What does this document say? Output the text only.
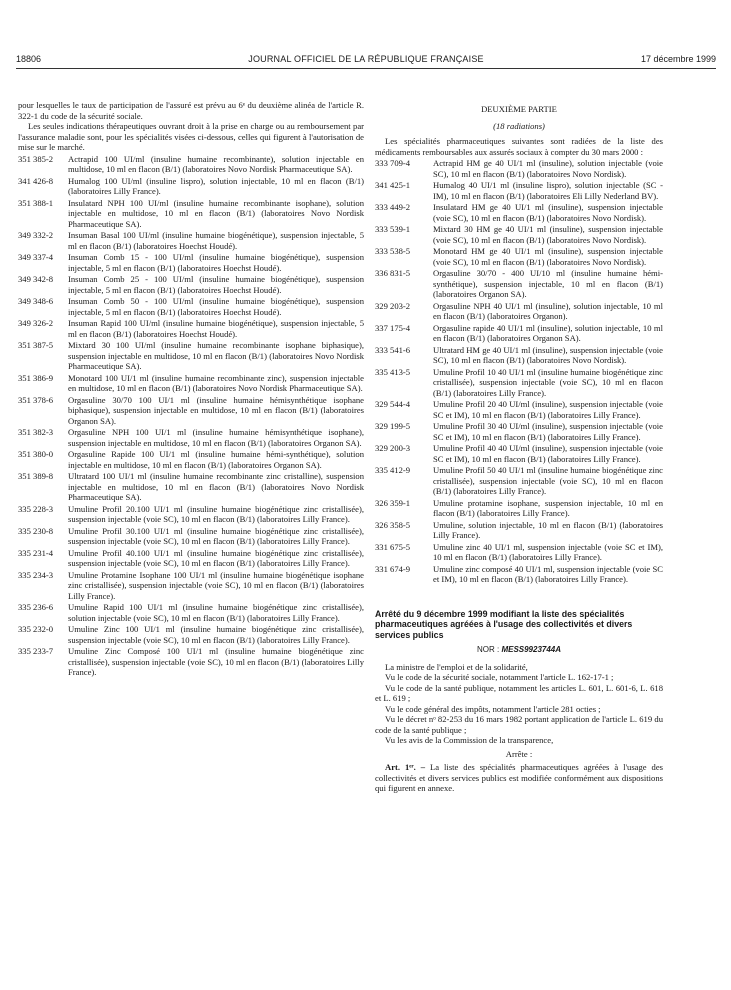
18806	JOURNAL OFFICIEL DE LA RÉPUBLIQUE FRANÇAISE	17 décembre 1999

pour lesquelles le taux de participation de l'assuré est prévu au 6ᵉ du deuxième alinéa de l'article R. 322-1 du code de la sécurité sociale.

Les seules indications thérapeutiques ouvrant droit à la prise en charge ou au remboursement par l'assurance maladie sont, pour les spécialités visées ci-dessous, celles qui figurent à l'autorisation de mise sur le marché.

351 385-2	Actrapid 100 UI/ml (insuline humaine recombinante), solution injectable en multidose, 10 ml en flacon (B/1) (laboratoires Novo Nordisk Pharmaceutique SA).
341 426-8	Humalog 100 UI/ml (insuline lispro), solution injectable, 10 ml en flacon (B/1) (laboratoires Lilly France).
351 388-1	Insulatard NPH 100 UI/ml (insuline humaine recombinante isophane), solution injectable en multidose, 10 ml en flacon (B/1) (laboratoires Novo Nordisk Pharmaceutique SA).
349 332-2	Insuman Basal 100 UI/ml (insuline humaine biogénétique), suspension injectable, 5 ml en flacon (B/1) (laboratoires Hoechst Houdé).
349 337-4	Insuman Comb 15 - 100 UI/ml (insuline humaine biogénétique), suspension injectable, 5 ml en flacon (B/1) (laboratoires Hoechst Houdé).
349 342-8	Insuman Comb 25 - 100 UI/ml (insuline humaine biogénétique), suspension injectable, 5 ml en flacon (B/1) (laboratoires Hoechst Houdé).
349 348-6	Insuman Comb 50 - 100 UI/ml (insuline humaine biogénétique), suspension injectable, 5 ml en flacon (B/1) (laboratoires Hoechst Houdé).
349 326-2	Insuman Rapid 100 UI/ml (insuline humaine biogénétique), suspension injectable, 5 ml en flacon (B/1) (laboratoires Hoechst Houdé).
351 387-5	Mixtard 30 100 UI/ml (insuline humaine recombinante isophane biphasique), suspension injectable en multidose, 10 ml en flacon (B/1) (laboratoires Novo Nordisk Pharmaceutique SA).
351 386-9	Monotard 100 UI/1 ml (insuline humaine recombinante zinc), suspension injectable en multidose, 10 ml en flacon (B/1) (laboratoires Novo Nordisk Pharmaceutique SA).
351 378-6	Orgasuline 30/70 100 UI/1 ml (insuline humaine hémisynthétique isophane biphasique), suspension injectable en multidose, 10 ml en flacon (B/1) (laboratoires Organon SA).
351 382-3	Orgasuline NPH 100 UI/1 ml (insuline humaine hémisynthétique isophane), suspension injectable en multidose, 10 ml en flacon (B/1) (laboratoires Organon SA).
351 380-0	Orgasuline Rapide 100 UI/1 ml (insuline humaine hémi-synthétique), solution injectable en multidose, 10 ml en flacon (B/1) (laboratoires Organon SA).
351 389-8	Ultratard 100 UI/1 ml (insuline humaine recombinante zinc cristalline), suspension injectable en multidose, 10 ml en flacon (B/1) (laboratoires Novo Nordisk Pharmaceutique SA).
335 228-3	Umuline Profil 20.100 UI/1 ml (insuline humaine biogénétique zinc cristallisée), suspension injectable (voie SC), 10 ml en flacon (B/1) (laboratoires Lilly France).
335 230-8	Umuline Profil 30.100 UI/1 ml (insuline humaine biogénétique zinc cristallisée), suspension injectable (voie SC), 10 ml en flacon (B/1) (laboratoires Lilly France).
335 231-4	Umuline Profil 40.100 UI/1 ml (insuline humaine biogénétique zinc cristallisée), suspension injectable (voie SC), 10 ml en flacon (B/1) (laboratoires Lilly France).
335 234-3	Umuline Protamine Isophane 100 UI/1 ml (insuline humaine biogénétique isophane zinc cristallisée), suspension injectable (voie SC), 10 ml en flacon (B/1) (laboratoires Lilly France).
335 236-6	Umuline Rapid 100 UI/1 ml (insuline humaine biogénétique zinc cristallisée), solution injectable (voie SC), 10 ml en flacon (B/1) (laboratoires Lilly France).
335 232-0	Umuline Zinc 100 UI/1 ml (insuline humaine biogénétique zinc cristallisée), suspension injectable (voie SC), 10 ml en flacon (B/1) (laboratoires Lilly France).
335 233-7	Umuline Zinc Composé 100 UI/1 ml (insuline humaine biogénétique zinc cristallisée), suspension injectable (voie SC), 10 ml en flacon (B/1) (laboratoires Lilly France).

DEUXIÈME PARTIE

(18 radiations)

Les spécialités pharmaceutiques suivantes sont radiées de la liste des médicaments remboursables aux assurés sociaux à compter du 30 mars 2000 :

333 709-4	Actrapid HM ge 40 UI/1 ml (insuline), solution injectable (voie SC), 10 ml en flacon (B/1) (laboratoires Novo Nordisk).
341 425-1	Humalog 40 UI/1 ml (insuline lispro), solution injectable (SC - IM), 10 ml en flacon (B/1) (laboratoires Eli Lilly Nederland BV).
333 449-2	Insulatard HM ge 40 UI/1 ml (insuline), suspension injectable (voie SC), 10 ml en flacon (B/1) (laboratoires Novo Nordisk).
333 539-1	Mixtard 30 HM ge 40 UI/1 ml (insuline), suspension injectable (voie SC), 10 ml en flacon (B/1) (laboratoires Novo Nordisk).
333 538-5	Monotard HM ge 40 UI/1 ml (insuline), suspension injectable (voie SC), 10 ml en flacon (B/1) (laboratoires Novo Nordisk).
336 831-5	Orgasuline 30/70 - 400 UI/10 ml (insuline humaine hémi-synthétique), suspension injectable, 10 ml en flacon (B/1) (laboratoires Organon SA).
329 203-2	Orgasuline NPH 40 UI/1 ml (insuline), solution injectable, 10 ml en flacon (B/1) (laboratoires Organon).
337 175-4	Orgasuline rapide 40 UI/1 ml (insuline), solution injectable, 10 ml en flacon (B/1) (laboratoires Organon SA).
333 541-6	Ultratard HM ge 40 UI/1 ml (insuline), suspension injectable (voie SC), 10 ml en flacon (B/1) (laboratoires Novo Nordisk).
335 413-5	Umuline Profil 10 40 UI/1 ml (insuline humaine biogénétique zinc cristallisée), suspension injectable (voie SC), 10 ml en flacon (B/1) (laboratoires Lilly France).
329 544-4	Umuline Profil 20 40 UI/ml (insuline), suspension injectable (voie SC et IM), 10 ml en flacon (B/1) (laboratoires Lilly France).
329 199-5	Umuline Profil 30 40 UI/ml (insuline), suspension injectable (voie SC et IM), 10 ml en flacon (B/1) (laboratoires Lilly France).
329 200-3	Umuline Profil 40 40 UI/ml (insuline), suspension injectable (voie SC et IM), 10 ml en flacon (B/1) (laboratoires Lilly France).
335 412-9	Umuline Profil 50 40 UI/1 ml (insuline humaine biogénétique zinc cristallisée), suspension injectable (voie SC), 10 ml en flacon (B/1) (laboratoires Lilly France).
326 359-1	Umuline protamine isophane, suspension injectable, 10 ml en flacon (B/1) (laboratoires Lilly France).
326 358-5	Umuline, solution injectable, 10 ml en flacon (B/1) (laboratoires Lilly France).
331 675-5	Umuline zinc 40 UI/1 ml, suspension injectable (voie SC et IM), 10 ml en flacon (B/1) (laboratoires Lilly France).
331 674-9	Umuline zinc composé 40 UI/1 ml, suspension injectable (voie SC et IM), 10 ml en flacon (B/1) (laboratoires Lilly France).

Arrêté du 9 décembre 1999 modifiant la liste des spécialités pharmaceutiques agréées à l'usage des collectivités et divers services publics

NOR : MESS9923744A

La ministre de l'emploi et de la solidarité,

Vu le code de la sécurité sociale, notamment l'article L. 162-17-1 ;

Vu le code de la santé publique, notamment les articles L. 601, L. 601-6, L. 618 et L. 619 ;

Vu le code général des impôts, notamment l'article 281 octies ;

Vu le décret nᵒ 82-253 du 16 mars 1982 portant application de l'article L. 619 du code de la santé publique ;

Vu les avis de la Commission de la transparence,

Arrête :

Art. 1ᵉʳ. – La liste des spécialités pharmaceutiques agréées à l'usage des collectivités et divers services publics est modifiée conformément aux dispositions qui figurent en annexe.
